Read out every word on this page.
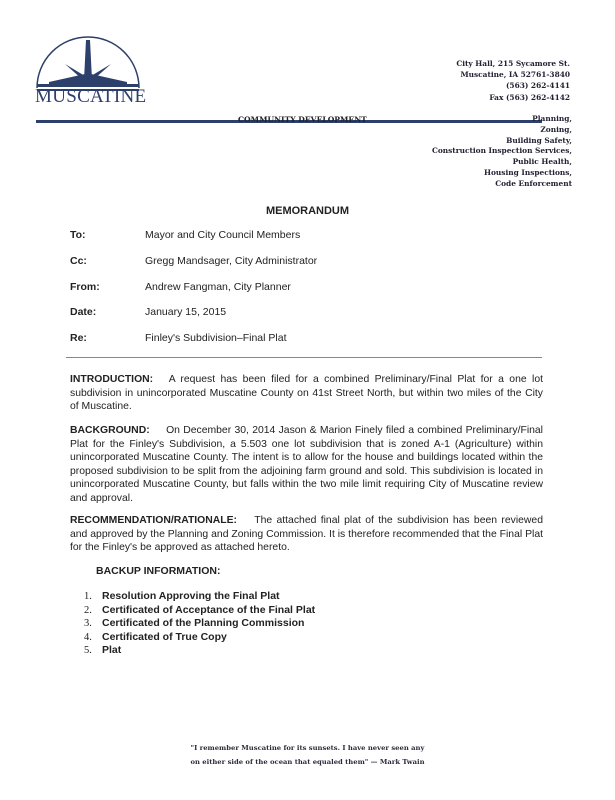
MUSCATINE
City Hall, 215 Sycamore St.
Muscatine, IA 52761-3840
(563) 262-4141
Fax (563) 262-4142
COMMUNITY DEVELOPMENT	Planning,
Zoning,
Building Safety,
Construction Inspection Services,
Public Health,
Housing Inspections,
Code Enforcement
MEMORANDUM
To:	Mayor and City Council Members
Cc:	Gregg Mandsager, City Administrator
From:	Andrew Fangman, City Planner
Date:	January 15, 2015
Re:	Finley's Subdivision–Final Plat
INTRODUCTION: A request has been filed for a combined Preliminary/Final Plat for a one lot subdivision in unincorporated Muscatine County on 41st Street North, but within two miles of the City of Muscatine.
BACKGROUND: On December 30, 2014 Jason & Marion Finely filed a combined Preliminary/Final Plat for the Finley's Subdivision, a 5.503 one lot subdivision that is zoned A-1 (Agriculture) within unincorporated Muscatine County. The intent is to allow for the house and buildings located within the proposed subdivision to be split from the adjoining farm ground and sold. This subdivision is located in unincorporated Muscatine County, but falls within the two mile limit requiring City of Muscatine review and approval.
RECOMMENDATION/RATIONALE: The attached final plat of the subdivision has been reviewed and approved by the Planning and Zoning Commission. It is therefore recommended that the Final Plat for the Finley's be approved as attached hereto.
BACKUP INFORMATION:
1. Resolution Approving the Final Plat
2. Certificated of Acceptance of the Final Plat
3. Certificated of the Planning Commission
4. Certificated of True Copy
5. Plat
"I remember Muscatine for its sunsets. I have never seen any
on either side of the ocean that equaled them" — Mark Twain
